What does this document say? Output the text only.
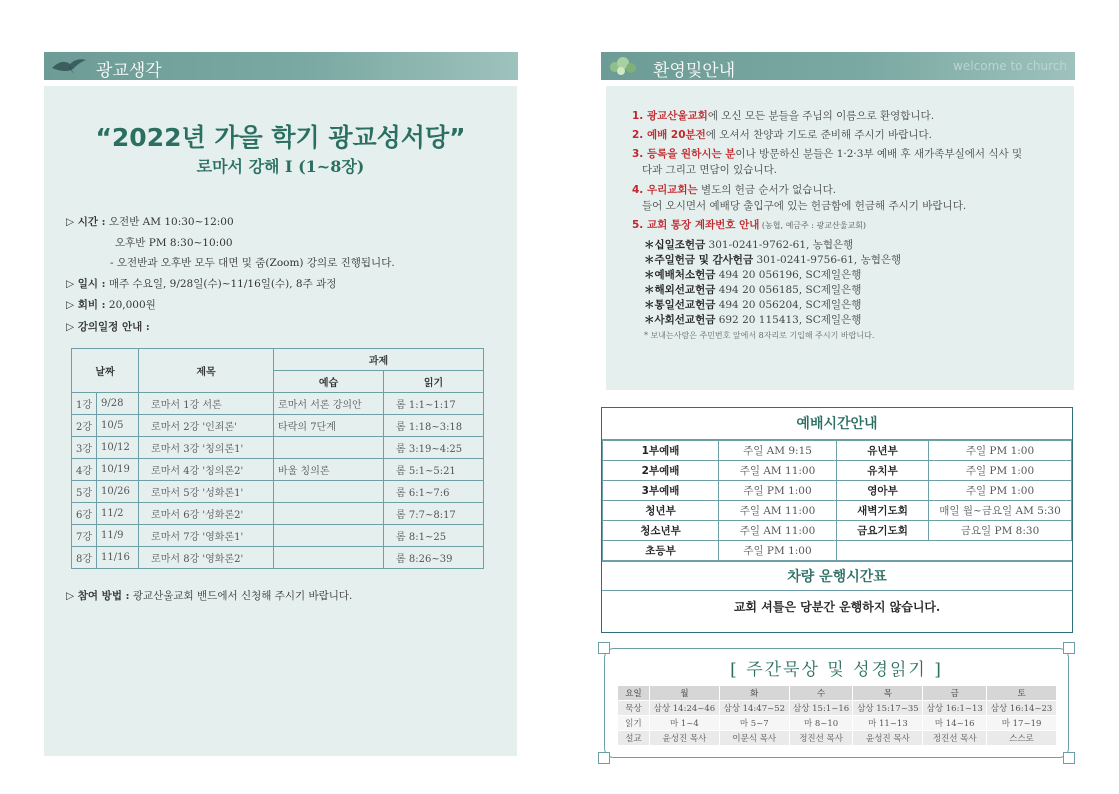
광교생각
“2022년 가을 학기 광교성서당”
로마서 강해 I (1~8장)
▷ 시간 : 오전반 AM 10:30~12:00
오후반 PM 8:30~10:00
- 오전반과 오후반 모두 대면 및 줌(Zoom) 강의로 진행됩니다.
▷ 일시 : 매주 수요일, 9/28일(수)~11/16일(수), 8주 과정
▷ 회비 : 20,000원
▷ 강의일정 안내 :
날짜		제목	과제	
			예습	읽기
1강	9/28	로마서 1강 서론	로마서 서론 강의안	롬 1:1~1:17
2강	10/5	로마서 2강 '인죄론'	타락의 7단계	롬 1:18~3:18
3강	10/12	로마서 3강 '칭의론1'		롬 3:19~4:25
4강	10/19	로마서 4강 '칭의론2'	바울 칭의론	롬 5:1~5:21
5강	10/26	로마서 5강 '성화론1'		롬 6:1~7:6
6강	11/2	로마서 6강 '성화론2'		롬 7:7~8:17
7강	11/9	로마서 7강 '영화론1'		롬 8:1~25
8강	11/16	로마서 8강 '영화론2'		롬 8:26~39
▷ 참여 방법 : 광교산울교회 밴드에서 신청해 주시기 바랍니다.
환영및안내	welcome to church
1. 광교산울교회에 오신 모든 분들을 주님의 이름으로 환영합니다.
2. 예배 20분전에 오셔서 찬양과 기도로 준비해 주시기 바랍니다.
3. 등록을 원하시는 분이나 방문하신 분들은 1·2·3부 예배 후 새가족부실에서 식사 및
다과 그리고 면담이 있습니다.
4. 우리교회는 별도의 헌금 순서가 없습니다.
들어 오시면서 예배당 출입구에 있는 헌금함에 헌금해 주시기 바랍니다.
5. 교회 통장 계좌번호 안내 (농협, 예금주 : 광교산울교회)
＊십일조헌금 301-0241-9762-61, 농협은행
＊주일헌금 및 감사헌금 301-0241-9756-61, 농협은행
＊예배처소헌금 494 20 056196, SC제일은행
＊해외선교헌금 494 20 056185, SC제일은행
＊통일선교헌금 494 20 056204, SC제일은행
＊사회선교헌금 692 20 115413, SC제일은행
* 보내는사람은 주민번호 앞에서 8자리로 기입해 주시기 바랍니다.
예배시간안내
1부예배	주일 AM 9:15	유년부	주일 PM 1:00
2부예배	주일 AM 11:00	유치부	주일 PM 1:00
3부예배	주일 PM 1:00	영아부	주일 PM 1:00
청년부	주일 AM 11:00	새벽기도회	매일 월~금요일 AM 5:30
청소년부	주일 AM 11:00	금요기도회	금요일 PM 8:30
초등부	주일 PM 1:00		
차량 운행시간표
교회 셔틀은 당분간 운행하지 않습니다.
[ 주간묵상 및 성경읽기 ]
요일	월	화	수	목	금	토
묵상	삼상 14:24~46	삼상 14:47~52	삼상 15:1~16	삼상 15:17~35	삼상 16:1~13	삼상 16:14~23
읽기	마 1~4	마 5~7	마 8~10	마 11~13	마 14~16	마 17~19
설교	윤성진 목사	이문식 목사	정진선 목사	윤성진 목사	정진선 목사	스스로
